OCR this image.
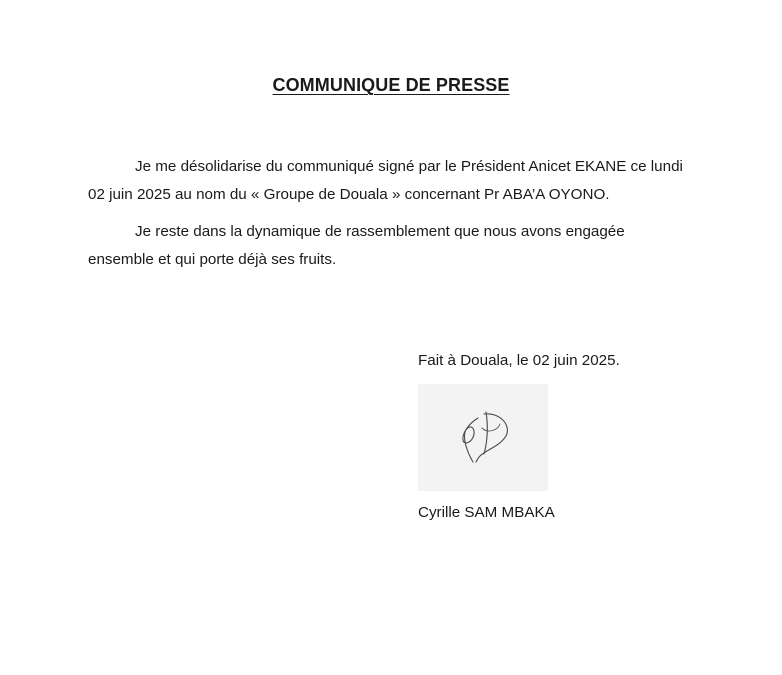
COMMUNIQUE DE PRESSE

Je me désolidarise du communiqué signé par le Président Anicet EKANE ce lundi 02 juin 2025 au nom du « Groupe de Douala » concernant Pr ABA’A OYONO.

Je reste dans la dynamique de rassemblement que nous avons engagée ensemble et qui porte déjà ses fruits.

Fait à Douala, le 02 juin 2025.
Cyrille SAM MBAKA
